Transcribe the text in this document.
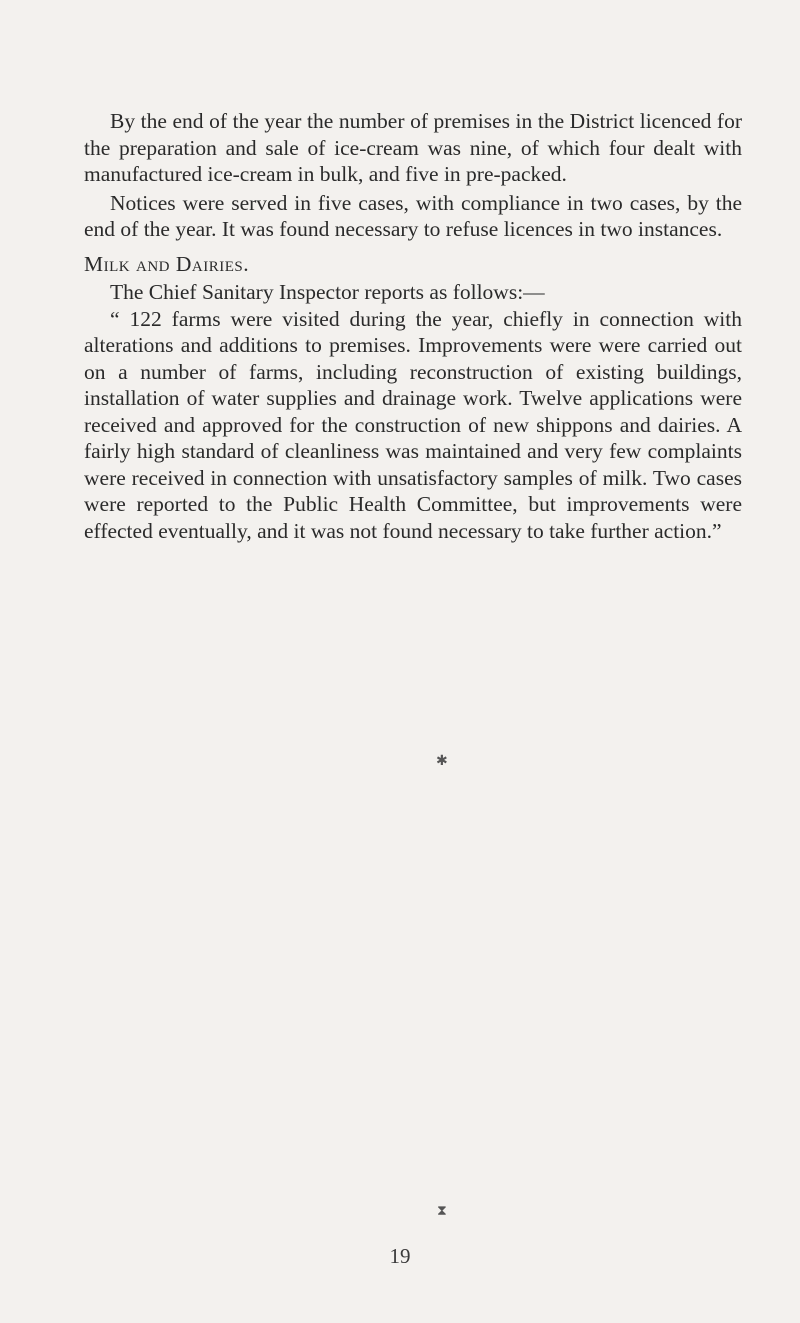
By the end of the year the number of premises in the District licenced for the preparation and sale of ice-cream was nine, of which four dealt with manufactured ice-cream in bulk, and five in pre-packed.

Notices were served in five cases, with compliance in two cases, by the end of the year. It was found necessary to refuse licences in two instances.

Milk and Dairies.

The Chief Sanitary Inspector reports as follows:—

“ 122 farms were visited during the year, chiefly in connection with alterations and additions to premises. Improvements were were carried out on a number of farms, including reconstruction of existing buildings, installation of water supplies and drainage work. Twelve applications were received and approved for the construction of new shippons and dairies. A fairly high standard of cleanliness was maintained and very few complaints were received in connection with unsatisfactory samples of milk. Two cases were reported to the Public Health Committee, but improvements were effected eventually, and it was not found necessary to take further action.”

✱
⧗
19
